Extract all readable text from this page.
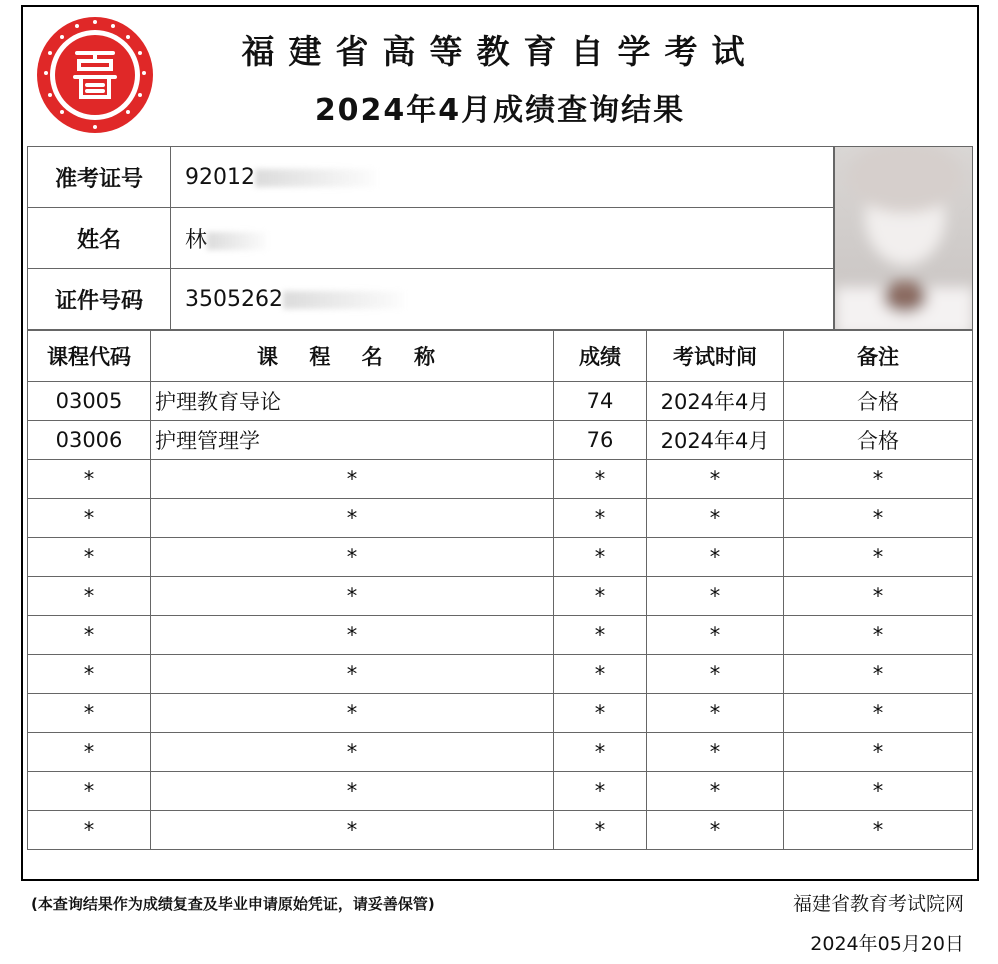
福建省高等教育自学考试
2024年4月成绩查询结果
准考证号	92012
姓名	林
证件号码	3505262
课程代码	课 程 名 称	成绩	考试时间	备注
03005	护理教育导论	74	2024年4月	合格
03006	护理管理学	76	2024年4月	合格
*	*	*	*	*
*	*	*	*	*
*	*	*	*	*
*	*	*	*	*
*	*	*	*	*
*	*	*	*	*
*	*	*	*	*
*	*	*	*	*
*	*	*	*	*
*	*	*	*	*
(本查询结果作为成绩复查及毕业申请原始凭证，请妥善保管)	福建省教育考试院网
2024年05月20日
